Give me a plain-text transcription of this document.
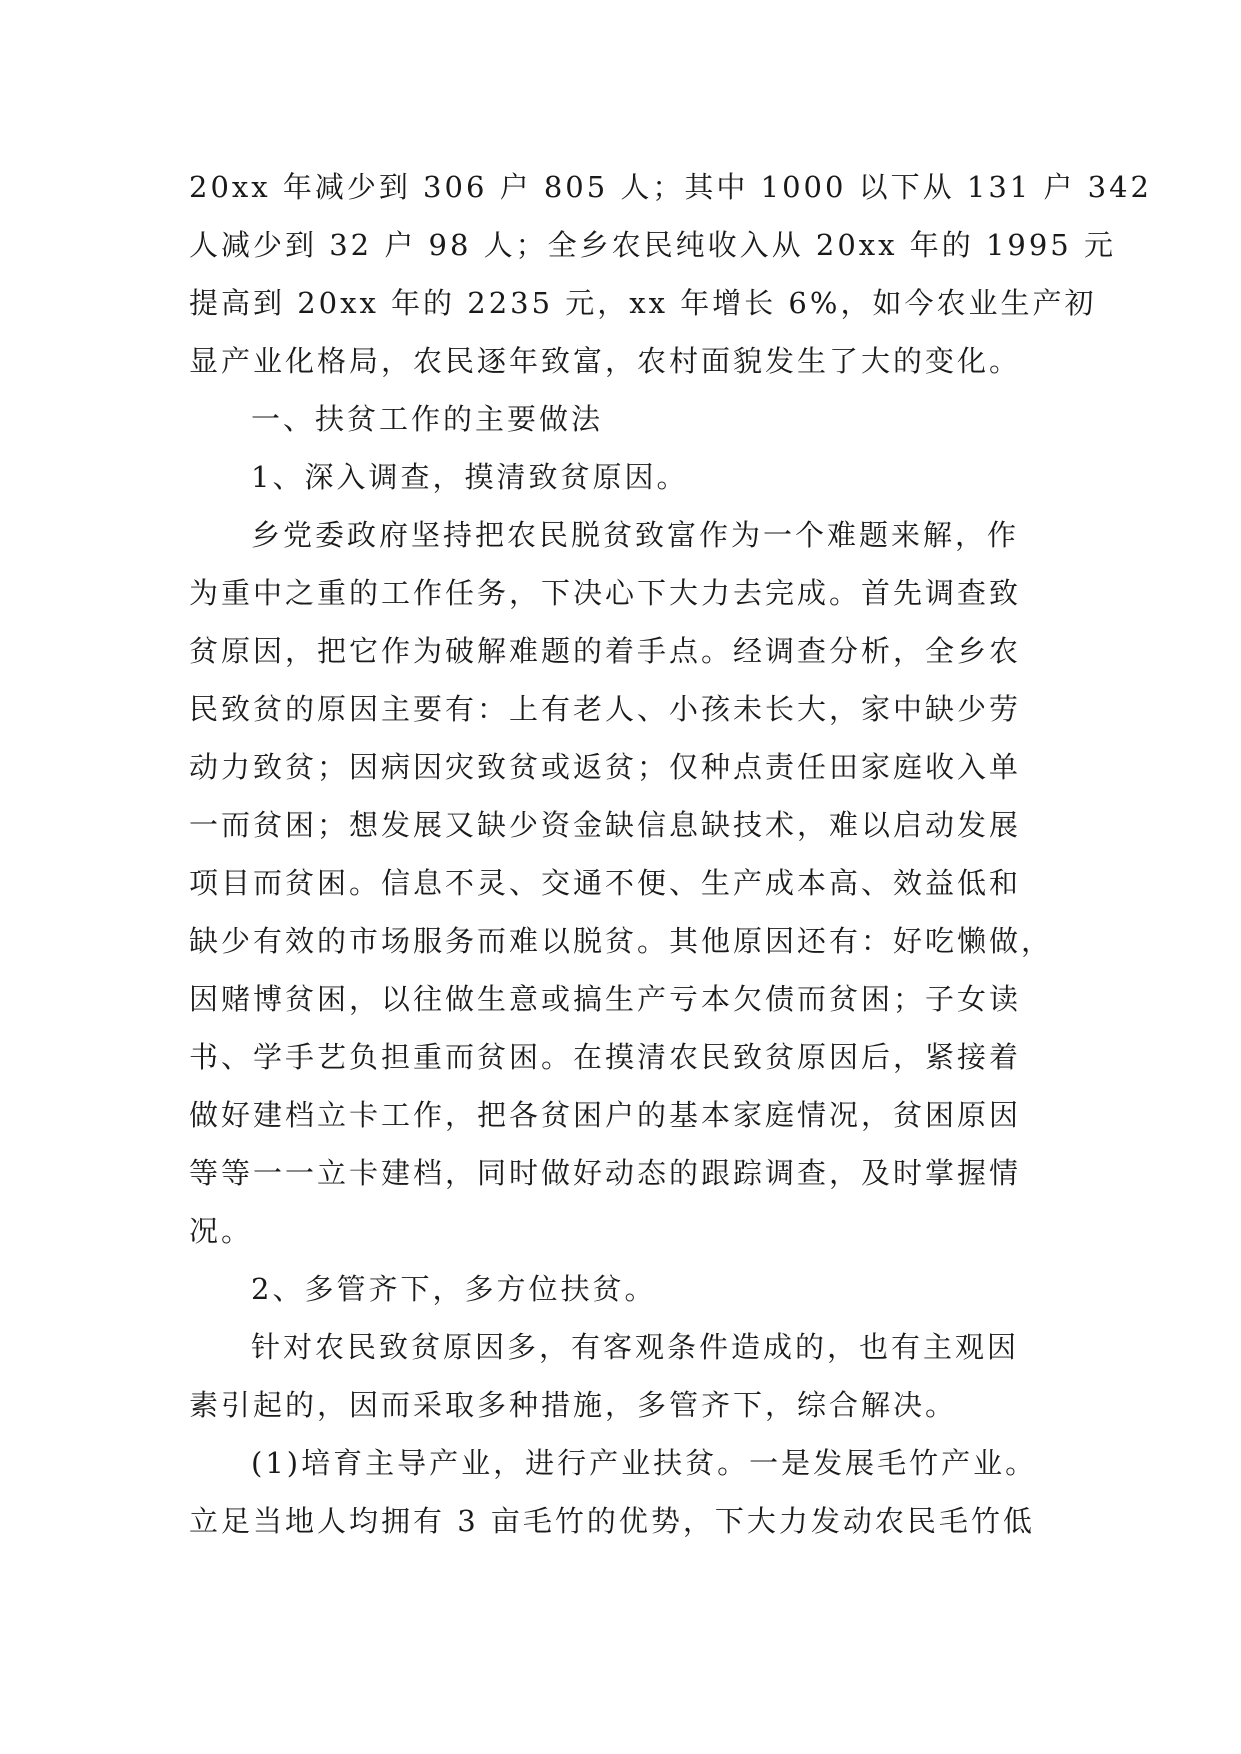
20xx 年减少到 306 户 805 人；其中 1000 以下从 131 户 342
人减少到 32 户 98 人；全乡农民纯收入从 20xx 年的 1995 元
提高到 20xx 年的 2235 元，xx 年增长 6%，如今农业生产初
显产业化格局，农民逐年致富，农村面貌发生了大的变化。
一、扶贫工作的主要做法
1、深入调查，摸清致贫原因。
乡党委政府坚持把农民脱贫致富作为一个难题来解，作
为重中之重的工作任务，下决心下大力去完成。首先调查致
贫原因，把它作为破解难题的着手点。经调查分析，全乡农
民致贫的原因主要有：上有老人、小孩未长大，家中缺少劳
动力致贫；因病因灾致贫或返贫；仅种点责任田家庭收入单
一而贫困；想发展又缺少资金缺信息缺技术，难以启动发展
项目而贫困。信息不灵、交通不便、生产成本高、效益低和
缺少有效的市场服务而难以脱贫。其他原因还有：好吃懒做，
因赌博贫困，以往做生意或搞生产亏本欠债而贫困；子女读
书、学手艺负担重而贫困。在摸清农民致贫原因后，紧接着
做好建档立卡工作，把各贫困户的基本家庭情况，贫困原因
等等一一立卡建档，同时做好动态的跟踪调查，及时掌握情
况。
2、多管齐下，多方位扶贫。
针对农民致贫原因多，有客观条件造成的，也有主观因
素引起的，因而采取多种措施，多管齐下，综合解决。
(1)培育主导产业，进行产业扶贫。一是发展毛竹产业。
立足当地人均拥有 3 亩毛竹的优势，下大力发动农民毛竹低
